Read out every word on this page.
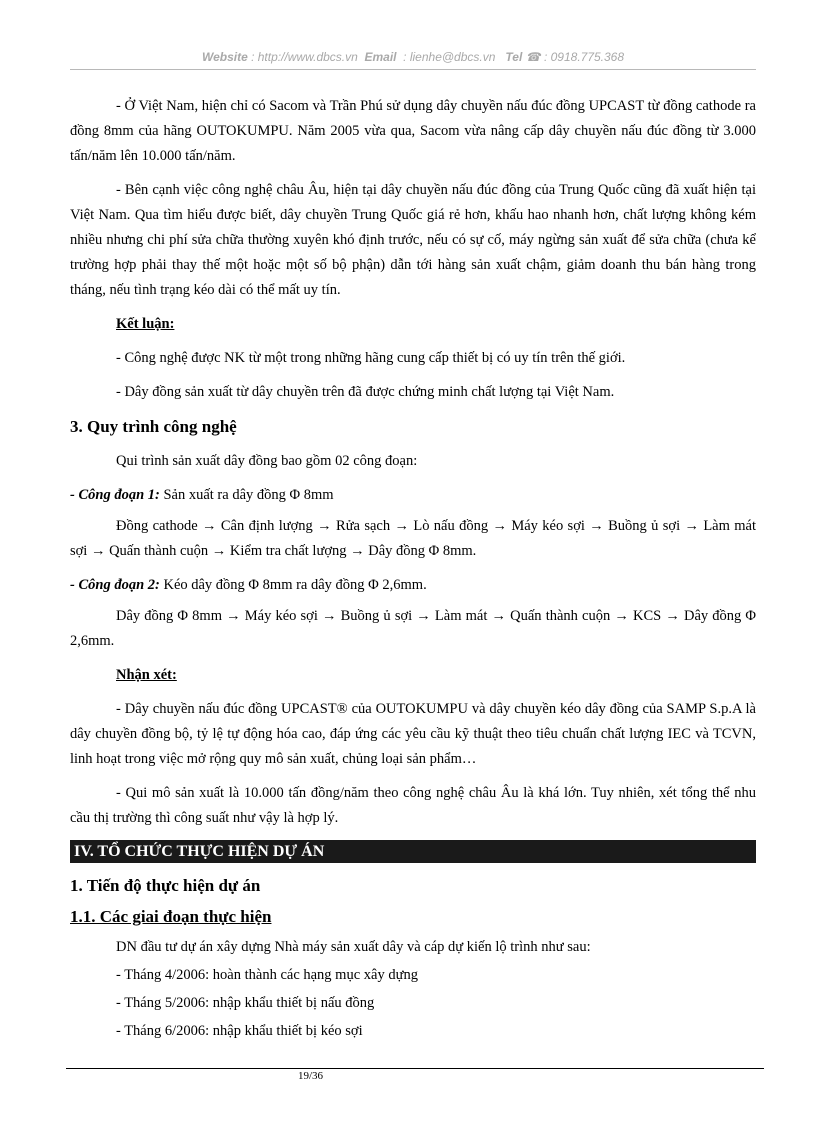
Website : http://www.dbcs.vn Email : lienhe@dbcs.vn Tel ☎ : 0918.775.368

- Ở Việt Nam, hiện chỉ có Sacom và Trần Phú sử dụng dây chuyền nấu đúc đồng UPCAST từ đồng cathode ra đồng 8mm của hãng OUTOKUMPU. Năm 2005 vừa qua, Sacom vừa nâng cấp dây chuyền nấu đúc đồng từ 3.000 tấn/năm lên 10.000 tấn/năm.

- Bên cạnh việc công nghệ châu Âu, hiện tại dây chuyền nấu đúc đồng của Trung Quốc cũng đã xuất hiện tại Việt Nam. Qua tìm hiểu được biết, dây chuyền Trung Quốc giá rẻ hơn, khấu hao nhanh hơn, chất lượng không kém nhiều nhưng chi phí sửa chữa thường xuyên khó định trước, nếu có sự cố, máy ngừng sản xuất để sửa chữa (chưa kể trường hợp phải thay thế một hoặc một số bộ phận) dẫn tới hàng sản xuất chậm, giảm doanh thu bán hàng trong tháng, nếu tình trạng kéo dài có thể mất uy tín.

Kết luận:

- Công nghệ được NK từ một trong những hãng cung cấp thiết bị có uy tín trên thế giới.

- Dây đồng sản xuất từ dây chuyền trên đã được chứng minh chất lượng tại Việt Nam.

3. Quy trình công nghệ

Qui trình sản xuất dây đồng bao gồm 02 công đoạn:

- Công đoạn 1: Sản xuất ra dây đồng Φ 8mm

Đồng cathode → Cân định lượng → Rửa sạch → Lò nấu đồng → Máy kéo sợi → Buồng ủ sợi → Làm mát sợi → Quấn thành cuộn → Kiểm tra chất lượng → Dây đồng Φ 8mm.

- Công đoạn 2: Kéo dây đồng Φ 8mm ra dây đồng Φ 2,6mm.

Dây đồng Φ 8mm → Máy kéo sợi → Buồng ủ sợi → Làm mát → Quấn thành cuộn → KCS → Dây đồng Φ 2,6mm.

Nhận xét:

- Dây chuyền nấu đúc đồng UPCAST® của OUTOKUMPU và dây chuyền kéo dây đồng của SAMP S.p.A là dây chuyền đồng bộ, tỷ lệ tự động hóa cao, đáp ứng các yêu cầu kỹ thuật theo tiêu chuẩn chất lượng IEC và TCVN, linh hoạt trong việc mở rộng quy mô sản xuất, chủng loại sản phẩm…

- Qui mô sản xuất là 10.000 tấn đồng/năm theo công nghệ châu Âu là khá lớn. Tuy nhiên, xét tổng thể nhu cầu thị trường thì công suất như vậy là hợp lý.

IV. TỔ CHỨC THỰC HIỆN DỰ ÁN
1. Tiến độ thực hiện dự án
1.1. Các giai đoạn thực hiện

DN đầu tư dự án xây dựng Nhà máy sản xuất dây và cáp dự kiến lộ trình như sau:

- Tháng 4/2006: hoàn thành các hạng mục xây dựng

- Tháng 5/2006: nhập khẩu thiết bị nấu đồng

- Tháng 6/2006: nhập khẩu thiết bị kéo sợi

19/36
